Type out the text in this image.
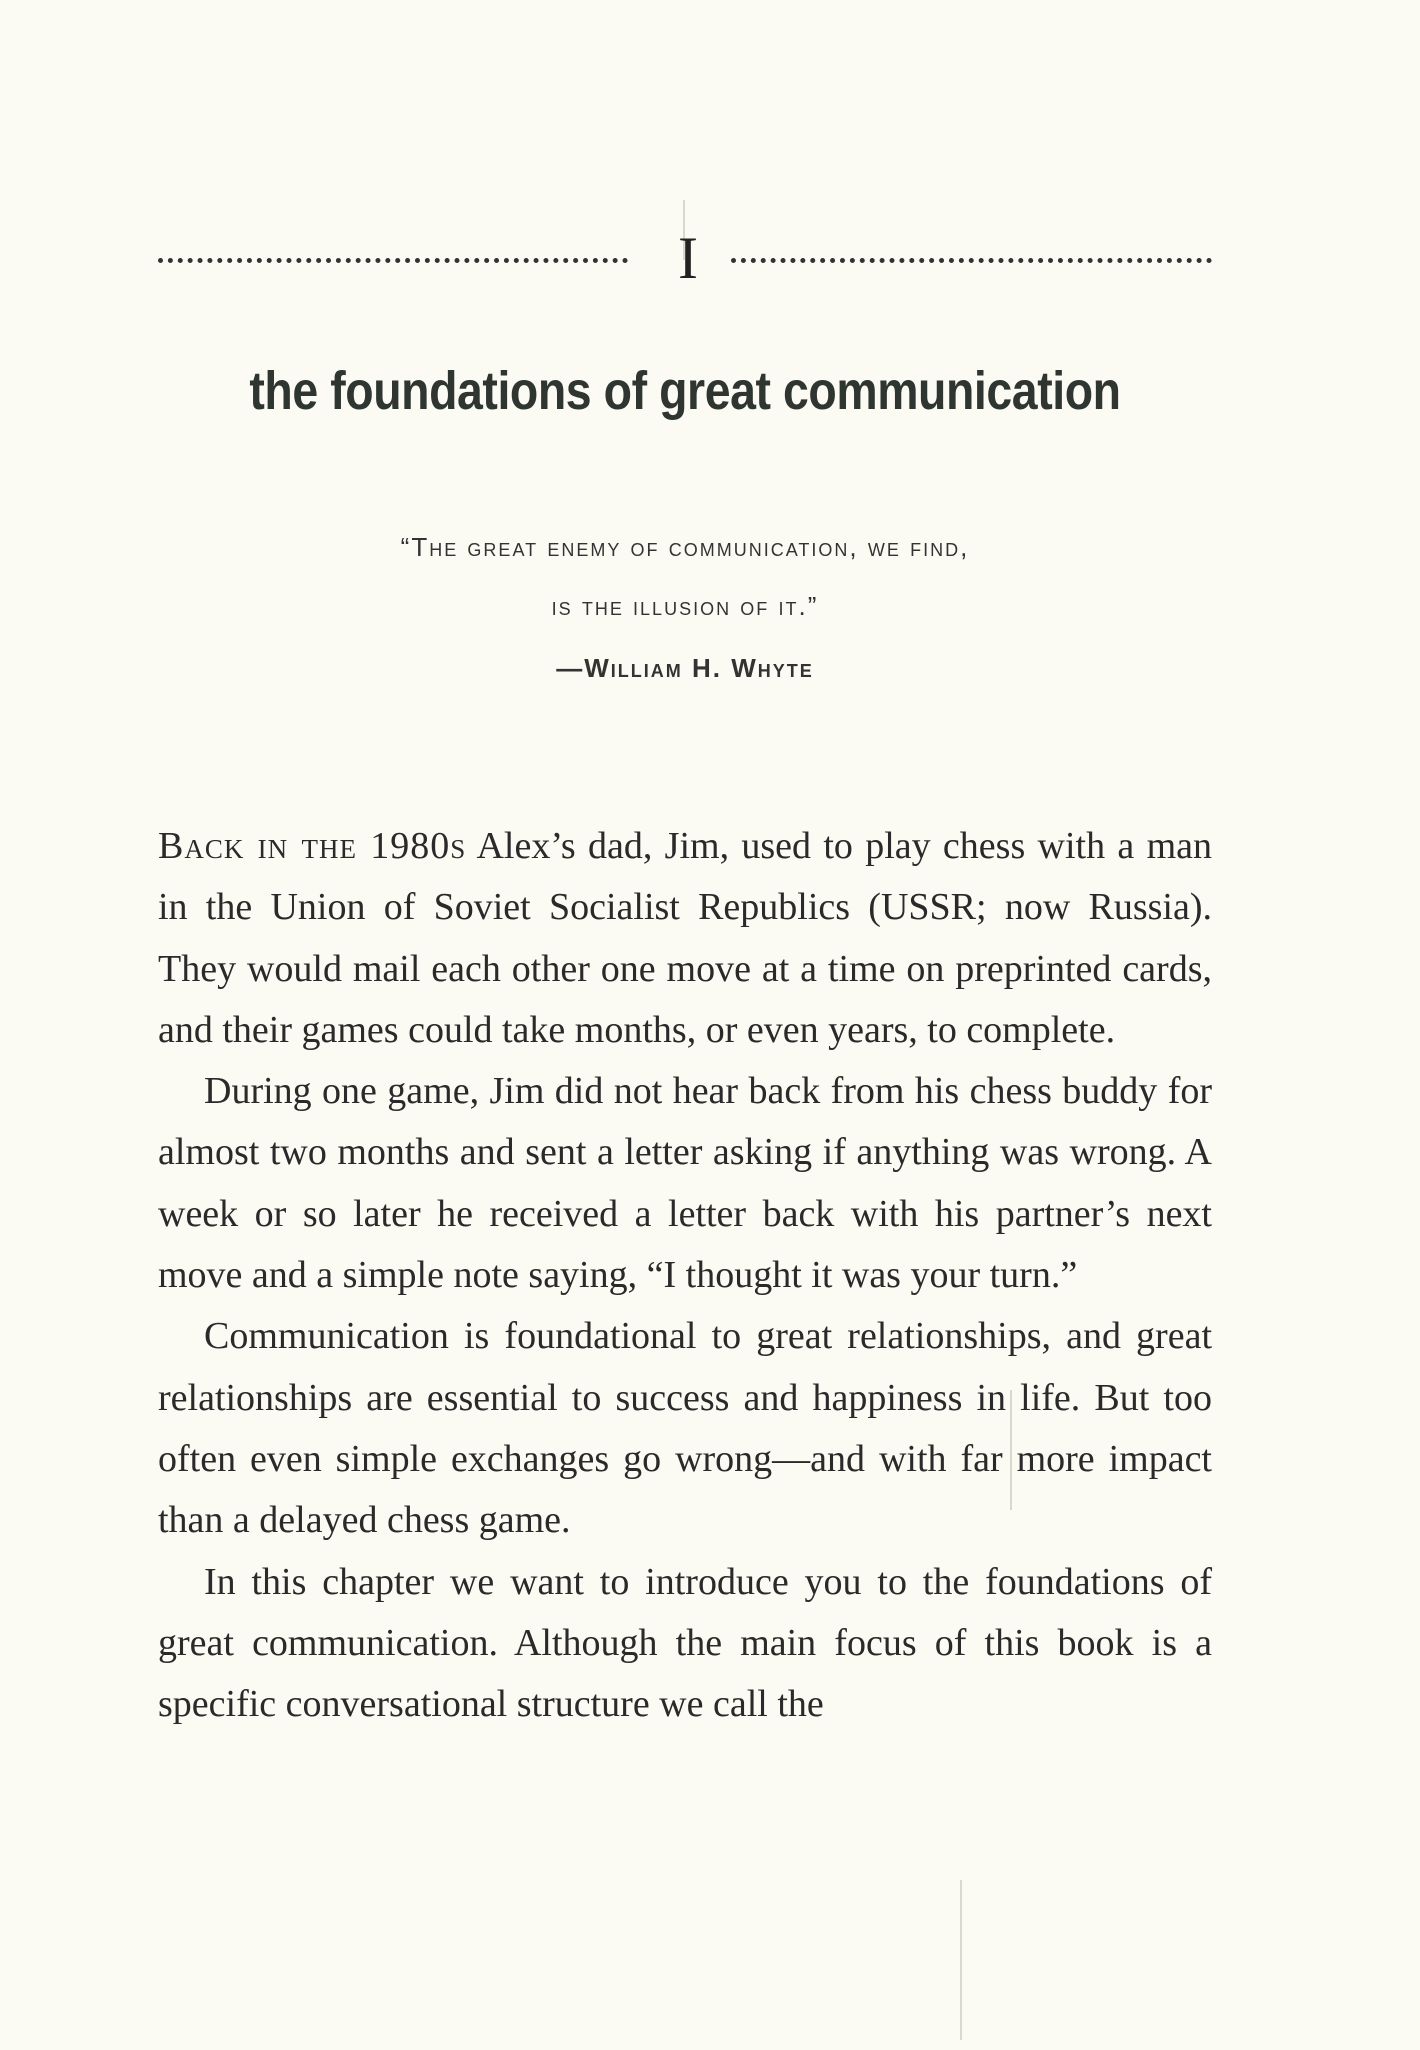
I
the foundations of great communication
“The great enemy of communication, we find,
is the illusion of it.”
—William H. Whyte

Back in the 1980s Alex’s dad, Jim, used to play chess with a man in the Union of Soviet Socialist Republics (USSR; now Russia). They would mail each other one move at a time on preprinted cards, and their games could take months, or even years, to complete.

During one game, Jim did not hear back from his chess buddy for almost two months and sent a letter asking if anything was wrong. A week or so later he received a letter back with his partner’s next move and a simple note saying, “I thought it was your turn.”

Communication is foundational to great relationships, and great relationships are essential to success and happiness in life. But too often even simple exchanges go wrong—and with far more impact than a delayed chess game.

In this chapter we want to introduce you to the foundations of great communication. Although the main focus of this book is a specific conversational structure we call the
